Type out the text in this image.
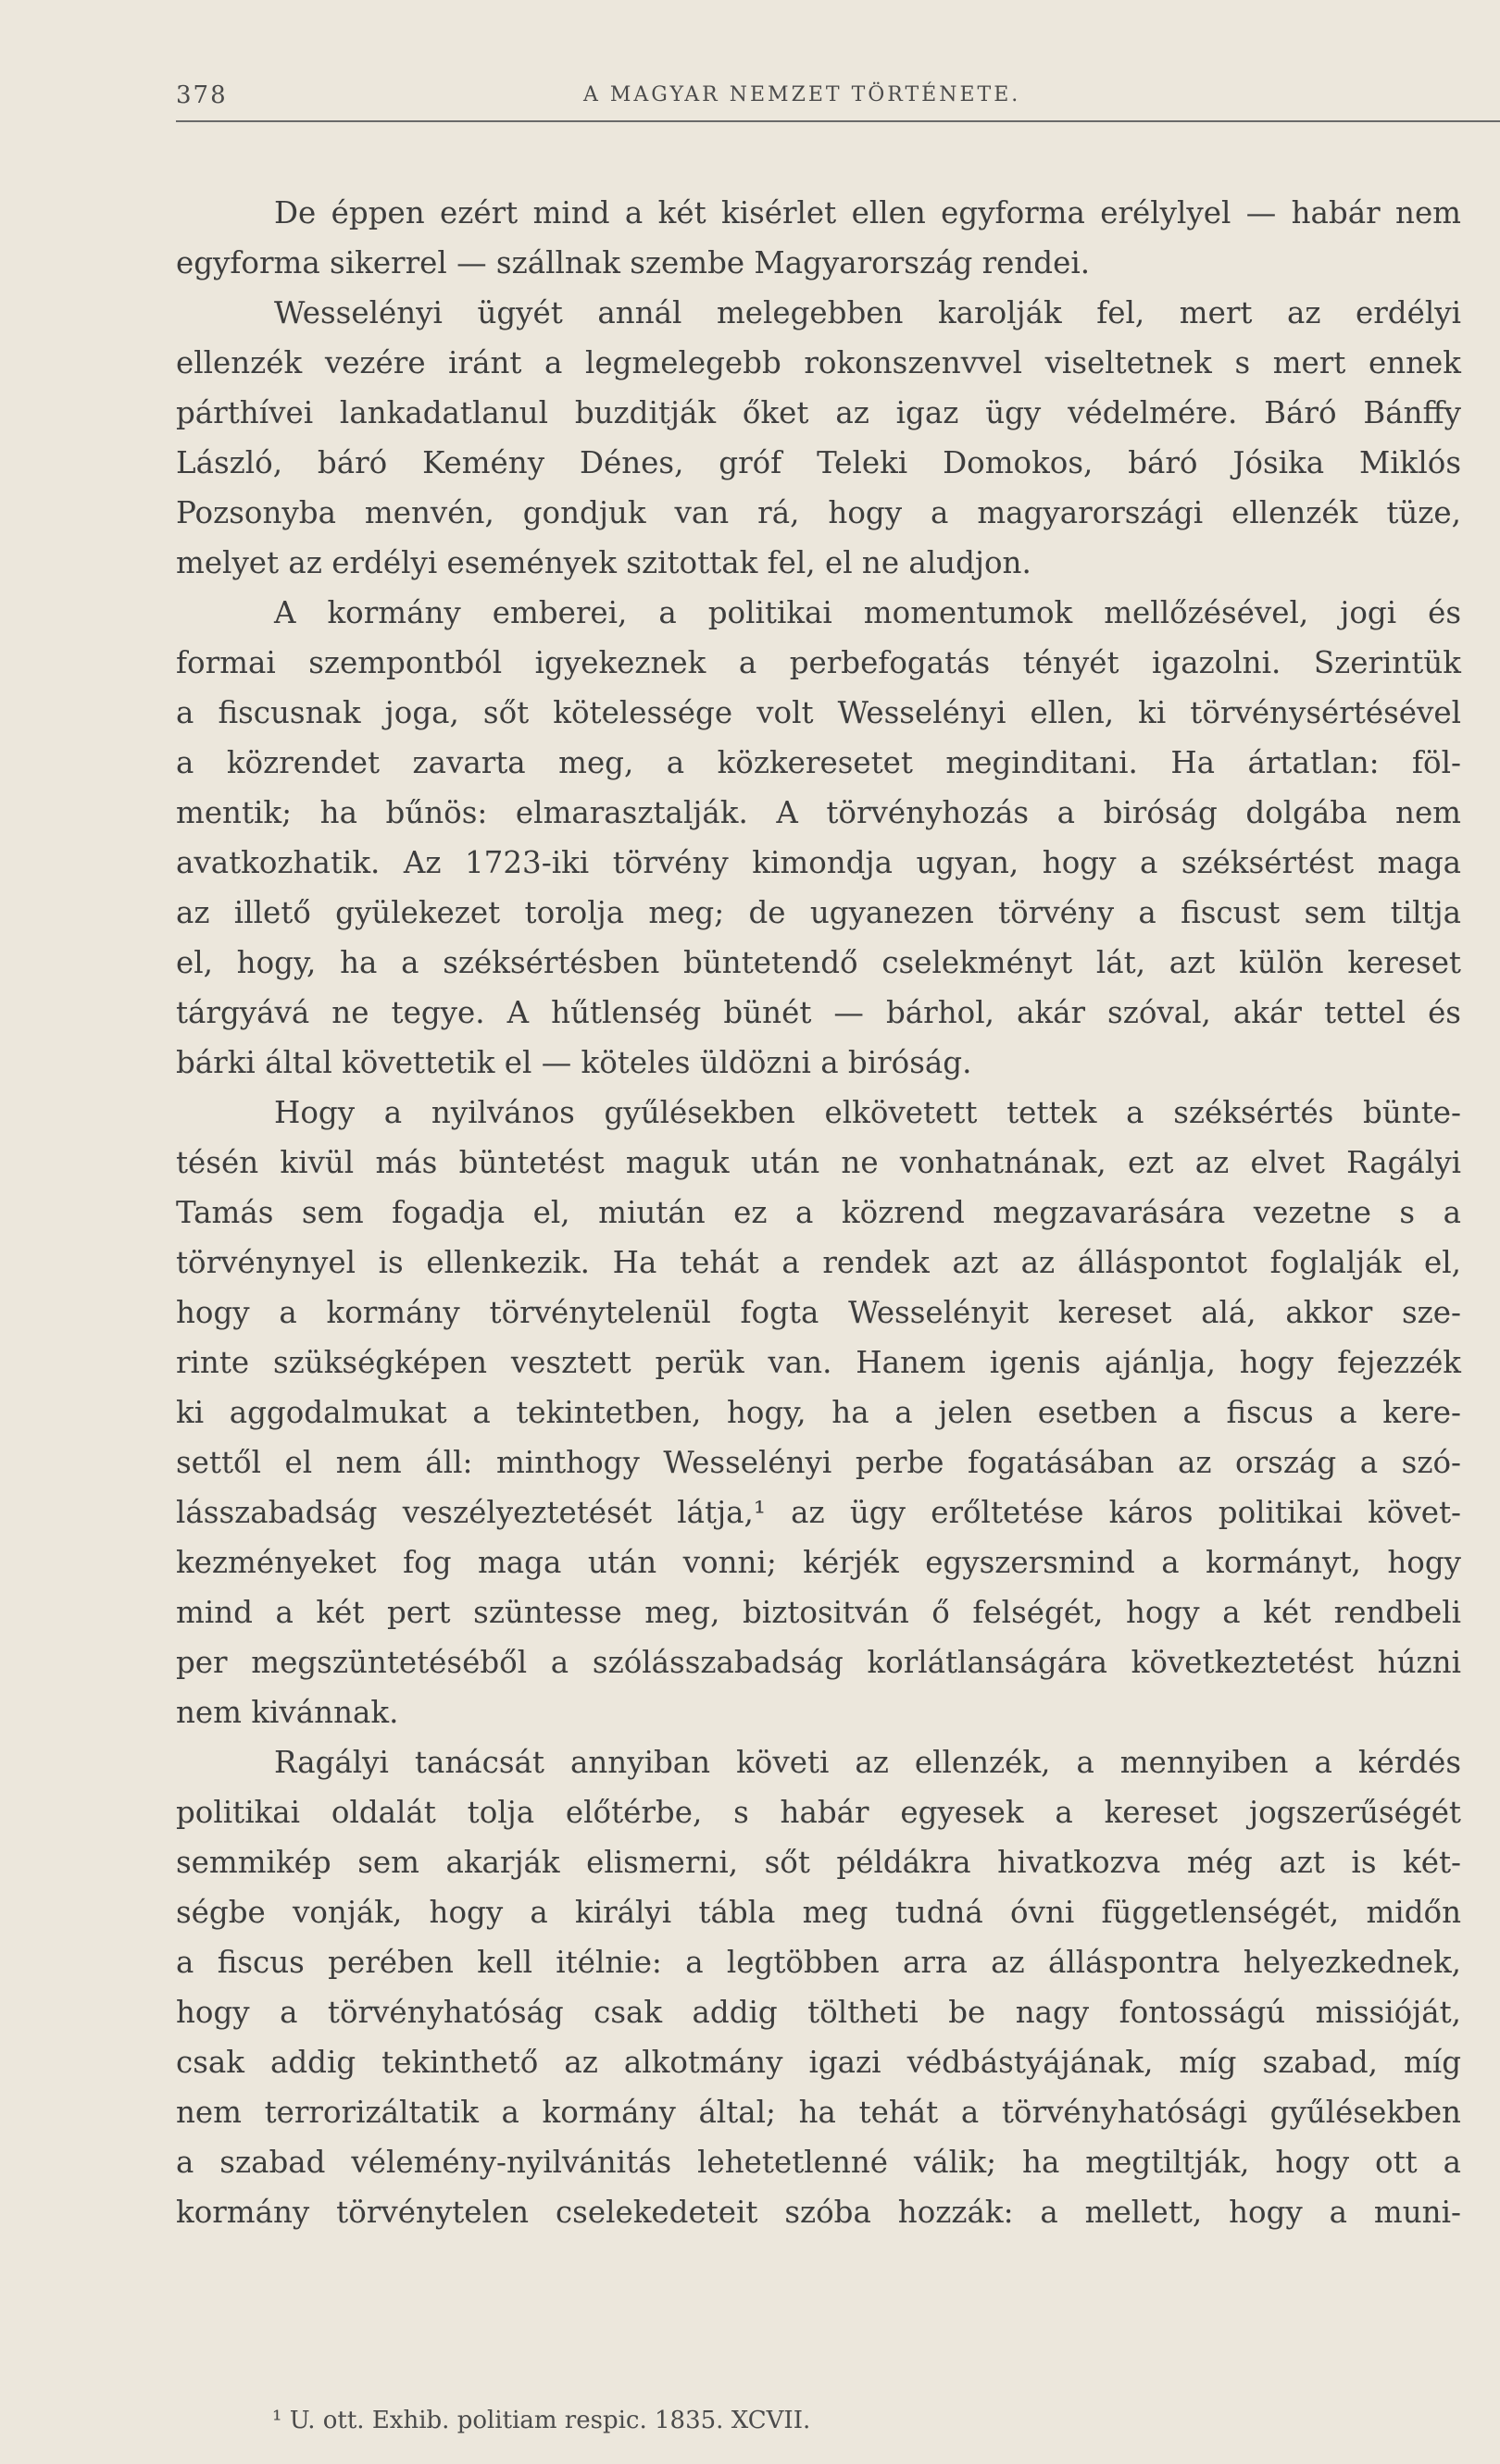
378	A MAGYAR NEMZET TÖRTÉNETE.
De éppen ezért mind a két kisérlet ellen egyforma erélylyel — habár nem
egyforma sikerrel — szállnak szembe Magyarország rendei.
Wesselényi ügyét annál melegebben karolják fel, mert az erdélyi
ellenzék vezére iránt a legmelegebb rokonszenvvel viseltetnek s mert ennek
párthívei lankadatlanul buzditják őket az igaz ügy védelmére. Báró Bánffy
László, báró Kemény Dénes, gróf Teleki Domokos, báró Jósika Miklós
Pozsonyba menvén, gondjuk van rá, hogy a magyarországi ellenzék tüze,
melyet az erdélyi események szitottak fel, el ne aludjon.
A kormány emberei, a politikai momentumok mellőzésével, jogi és
formai szempontból igyekeznek a perbefogatás tényét igazolni. Szerintük
a fiscusnak joga, sőt kötelessége volt Wesselényi ellen, ki törvénysértésével
a közrendet zavarta meg, a közkeresetet meginditani. Ha ártatlan: föl-
mentik; ha bűnös: elmarasztalják. A törvényhozás a biróság dolgába nem
avatkozhatik. Az 1723-iki törvény kimondja ugyan, hogy a széksértést maga
az illető gyülekezet torolja meg; de ugyanezen törvény a fiscust sem tiltja
el, hogy, ha a széksértésben büntetendő cselekményt lát, azt külön kereset
tárgyává ne tegye. A hűtlenség bünét — bárhol, akár szóval, akár tettel és
bárki által követtetik el — köteles üldözni a biróság.
Hogy a nyilvános gyűlésekben elkövetett tettek a széksértés bünte-
tésén kivül más büntetést maguk után ne vonhatnának, ezt az elvet Ragályi
Tamás sem fogadja el, miután ez a közrend megzavarására vezetne s a
törvénynyel is ellenkezik. Ha tehát a rendek azt az álláspontot foglalják el,
hogy a kormány törvénytelenül fogta Wesselényit kereset alá, akkor sze-
rinte szükségképen vesztett perük van. Hanem igenis ajánlja, hogy fejezzék
ki aggodalmukat a tekintetben, hogy, ha a jelen esetben a fiscus a kere-
settől el nem áll: minthogy Wesselényi perbe fogatásában az ország a szó-
lásszabadság veszélyeztetését látja,¹ az ügy erőltetése káros politikai követ-
kezményeket fog maga után vonni; kérjék egyszersmind a kormányt, hogy
mind a két pert szüntesse meg, biztositván ő felségét, hogy a két rendbeli
per megszüntetéséből a szólásszabadság korlátlanságára következtetést húzni
nem kivánnak.
Ragályi tanácsát annyiban követi az ellenzék, a mennyiben a kérdés
politikai oldalát tolja előtérbe, s habár egyesek a kereset jogszerűségét
semmikép sem akarják elismerni, sőt példákra hivatkozva még azt is két-
ségbe vonják, hogy a királyi tábla meg tudná óvni függetlenségét, midőn
a fiscus perében kell itélnie: a legtöbben arra az álláspontra helyezkednek,
hogy a törvényhatóság csak addig töltheti be nagy fontosságú missióját,
csak addig tekinthető az alkotmány igazi védbástyájának, míg szabad, míg
nem terrorizáltatik a kormány által; ha tehát a törvényhatósági gyűlésekben
a szabad vélemény-nyilvánitás lehetetlenné válik; ha megtiltják, hogy ott a
kormány törvénytelen cselekedeteit szóba hozzák: a mellett, hogy a muni-
¹ U. ott. Exhib. politiam respic. 1835. XCVII.
